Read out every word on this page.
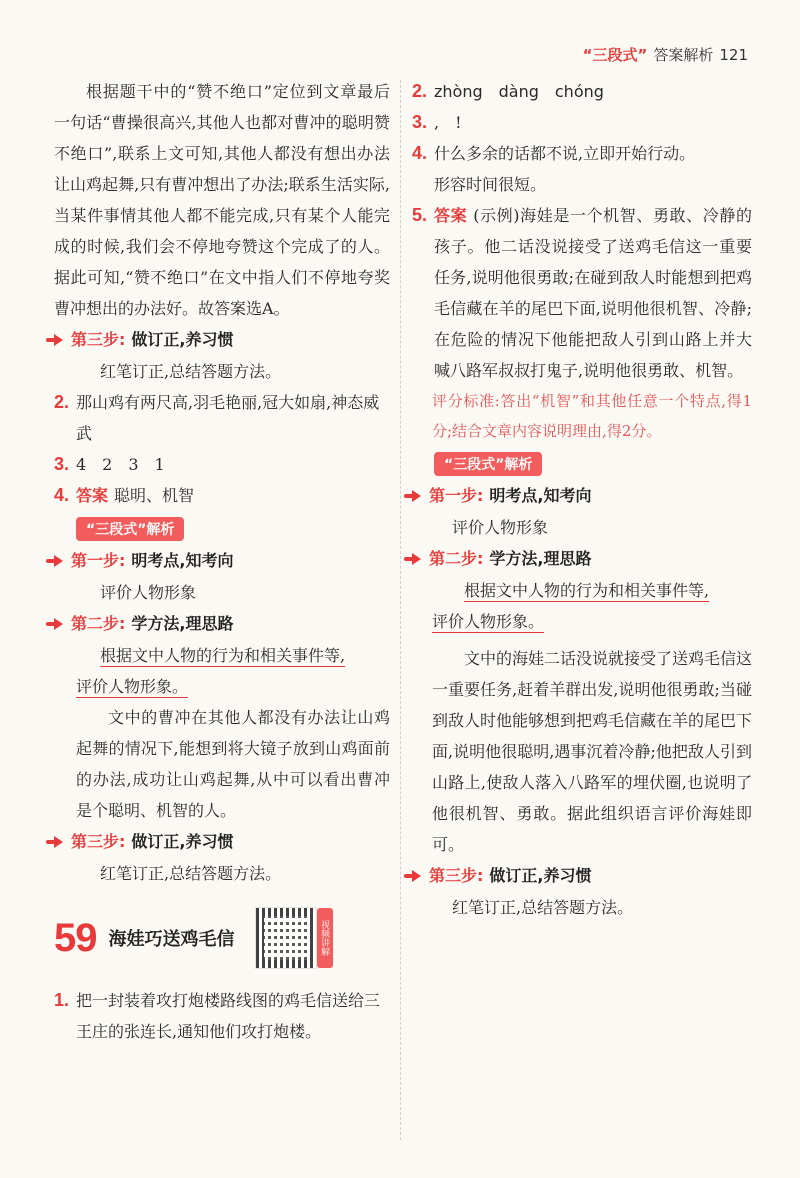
“三段式” 答案解析 121

根据题干中的“赞不绝口”定位到文章最后一句话“曹操很高兴,其他人也都对曹冲的聪明赞不绝口”,联系上文可知,其他人都没有想出办法让山鸡起舞,只有曹冲想出了办法;联系生活实际,当某件事情其他人都不能完成,只有某个人能完成的时候,我们会不停地夸赞这个完成了的人。据此可知,“赞不绝口”在文中指人们不停地夸奖曹冲想出的办法好。故答案选A。

第三步: 做订正,养习惯

红笔订正,总结答题方法。

2. 那山鸡有两尺高,羽毛艳丽,冠大如扇,神态威武
3. 4　2　3　1
4. 答案 聪明、机智
“三段式”解析
第一步: 明考点,知考向

评价人物形象

第二步: 学方法,理思路

根据文中人物的行为和相关事件等,

评价人物形象。

文中的曹冲在其他人都没有办法让山鸡起舞的情况下,能想到将大镜子放到山鸡面前的办法,成功让山鸡起舞,从中可以看出曹冲是个聪明、机智的人。

第三步: 做订正,养习惯

红笔订正,总结答题方法。

59 海娃巧送鸡毛信	视频讲解
1. 把一封装着攻打炮楼路线图的鸡毛信送给三王庄的张连长,通知他们攻打炮楼。
2. zhòng　dàng　chóng
3. ,　!
4. 什么多余的话都不说,立即开始行动。

形容时间很短。

5. 答案 (示例)海娃是一个机智、勇敢、冷静的孩子。他二话没说接受了送鸡毛信这一重要任务,说明他很勇敢;在碰到敌人时能想到把鸡毛信藏在羊的尾巴下面,说明他很机智、冷静;在危险的情况下他能把敌人引到山路上并大喊八路军叔叔打鬼子,说明他很勇敢、机智。

评分标准:答出“机智”和其他任意一个特点,得1分;结合文章内容说明理由,得2分。

“三段式”解析
第一步: 明考点,知考向

评价人物形象

第二步: 学方法,理思路

根据文中人物的行为和相关事件等,

评价人物形象。

文中的海娃二话没说就接受了送鸡毛信这一重要任务,赶着羊群出发,说明他很勇敢;当碰到敌人时他能够想到把鸡毛信藏在羊的尾巴下面,说明他很聪明,遇事沉着冷静;他把敌人引到山路上,使敌人落入八路军的埋伏圈,也说明了他很机智、勇敢。据此组织语言评价海娃即可。

第三步: 做订正,养习惯

红笔订正,总结答题方法。
